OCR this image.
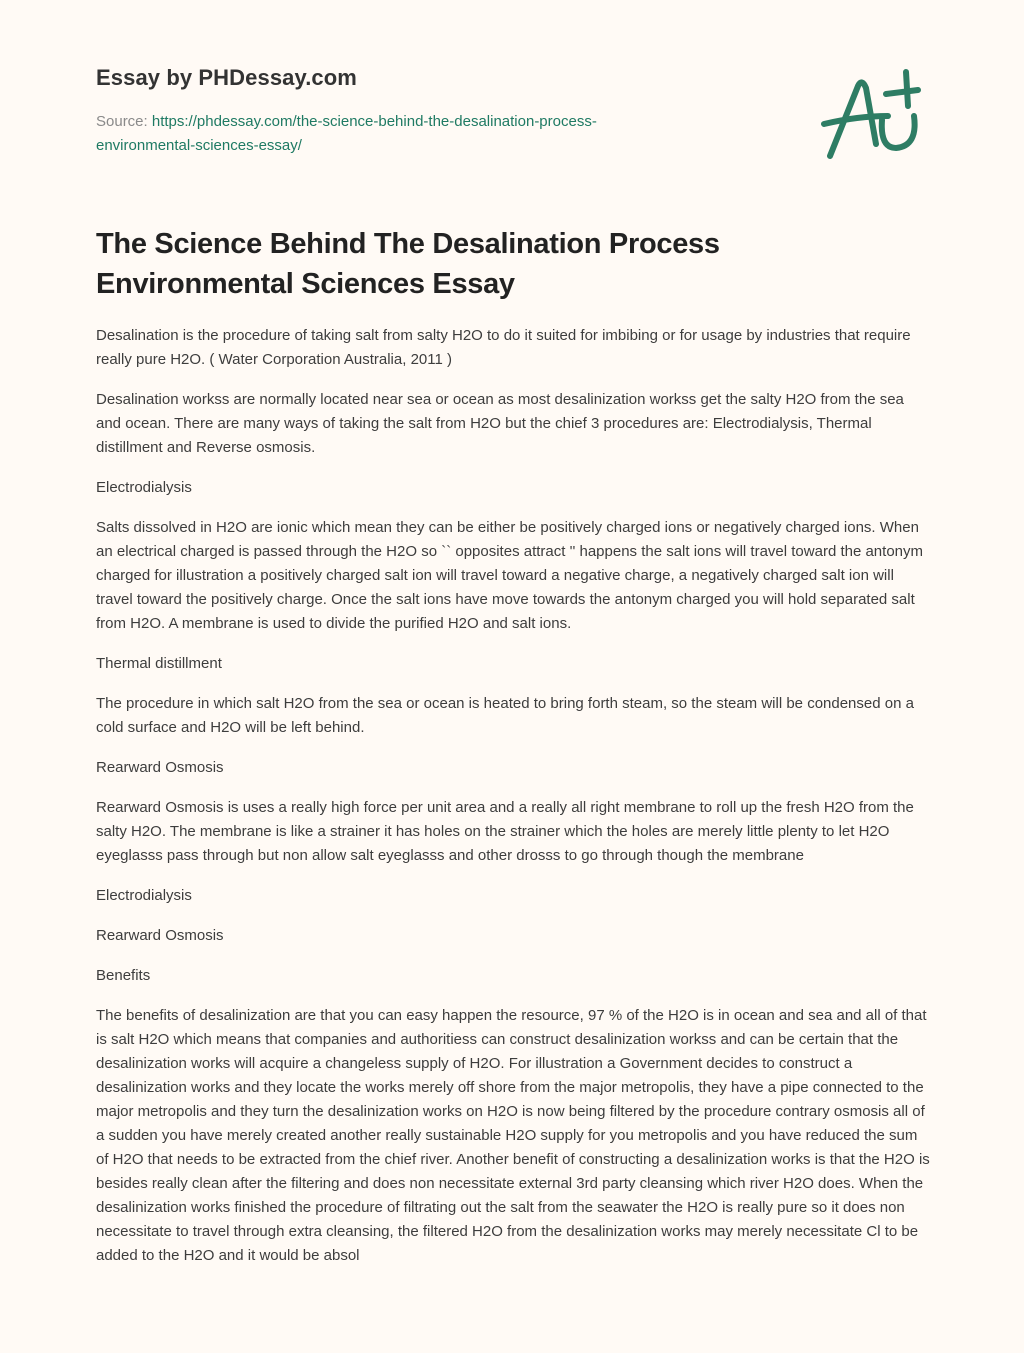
Essay by PHDessay.com
Source: https://phdessay.com/the-science-behind-the-desalination-process-
environmental-sciences-essay/
The Science Behind The Desalination Process Environmental Sciences Essay

Desalination is the procedure of taking salt from salty H2O to do it suited for imbibing or for usage by industries that require really pure H2O. ( Water Corporation Australia, 2011 )

Desalination workss are normally located near sea or ocean as most desalinization workss get the salty H2O from the sea and ocean. There are many ways of taking the salt from H2O but the chief 3 procedures are: Electrodialysis, Thermal distillment and Reverse osmosis.

Electrodialysis

Salts dissolved in H2O are ionic which mean they can be either be positively charged ions or negatively charged ions. When an electrical charged is passed through the H2O so `` opposites attract '' happens the salt ions will travel toward the antonym charged for illustration a positively charged salt ion will travel toward a negative charge, a negatively charged salt ion will travel toward the positively charge. Once the salt ions have move towards the antonym charged you will hold separated salt from H2O. A membrane is used to divide the purified H2O and salt ions.

Thermal distillment

The procedure in which salt H2O from the sea or ocean is heated to bring forth steam, so the steam will be condensed on a cold surface and H2O will be left behind.

Rearward Osmosis

Rearward Osmosis is uses a really high force per unit area and a really all right membrane to roll up the fresh H2O from the salty H2O. The membrane is like a strainer it has holes on the strainer which the holes are merely little plenty to let H2O eyeglasss pass through but non allow salt eyeglasss and other drosss to go through though the membrane

Electrodialysis

Rearward Osmosis

Benefits

The benefits of desalinization are that you can easy happen the resource, 97 % of the H2O is in ocean and sea and all of that is salt H2O which means that companies and authoritiess can construct desalinization workss and can be certain that the desalinization works will acquire a changeless supply of H2O. For illustration a Government decides to construct a desalinization works and they locate the works merely off shore from the major metropolis, they have a pipe connected to the major metropolis and they turn the desalinization works on H2O is now being filtered by the procedure contrary osmosis all of a sudden you have merely created another really sustainable H2O supply for you metropolis and you have reduced the sum of H2O that needs to be extracted from the chief river. Another benefit of constructing a desalinization works is that the H2O is besides really clean after the filtering and does non necessitate external 3rd party cleansing which river H2O does. When the desalinization works finished the procedure of filtrating out the salt from the seawater the H2O is really pure so it does non necessitate to travel through extra cleansing, the filtered H2O from the desalinization works may merely necessitate Cl to be added to the H2O and it would be absol
